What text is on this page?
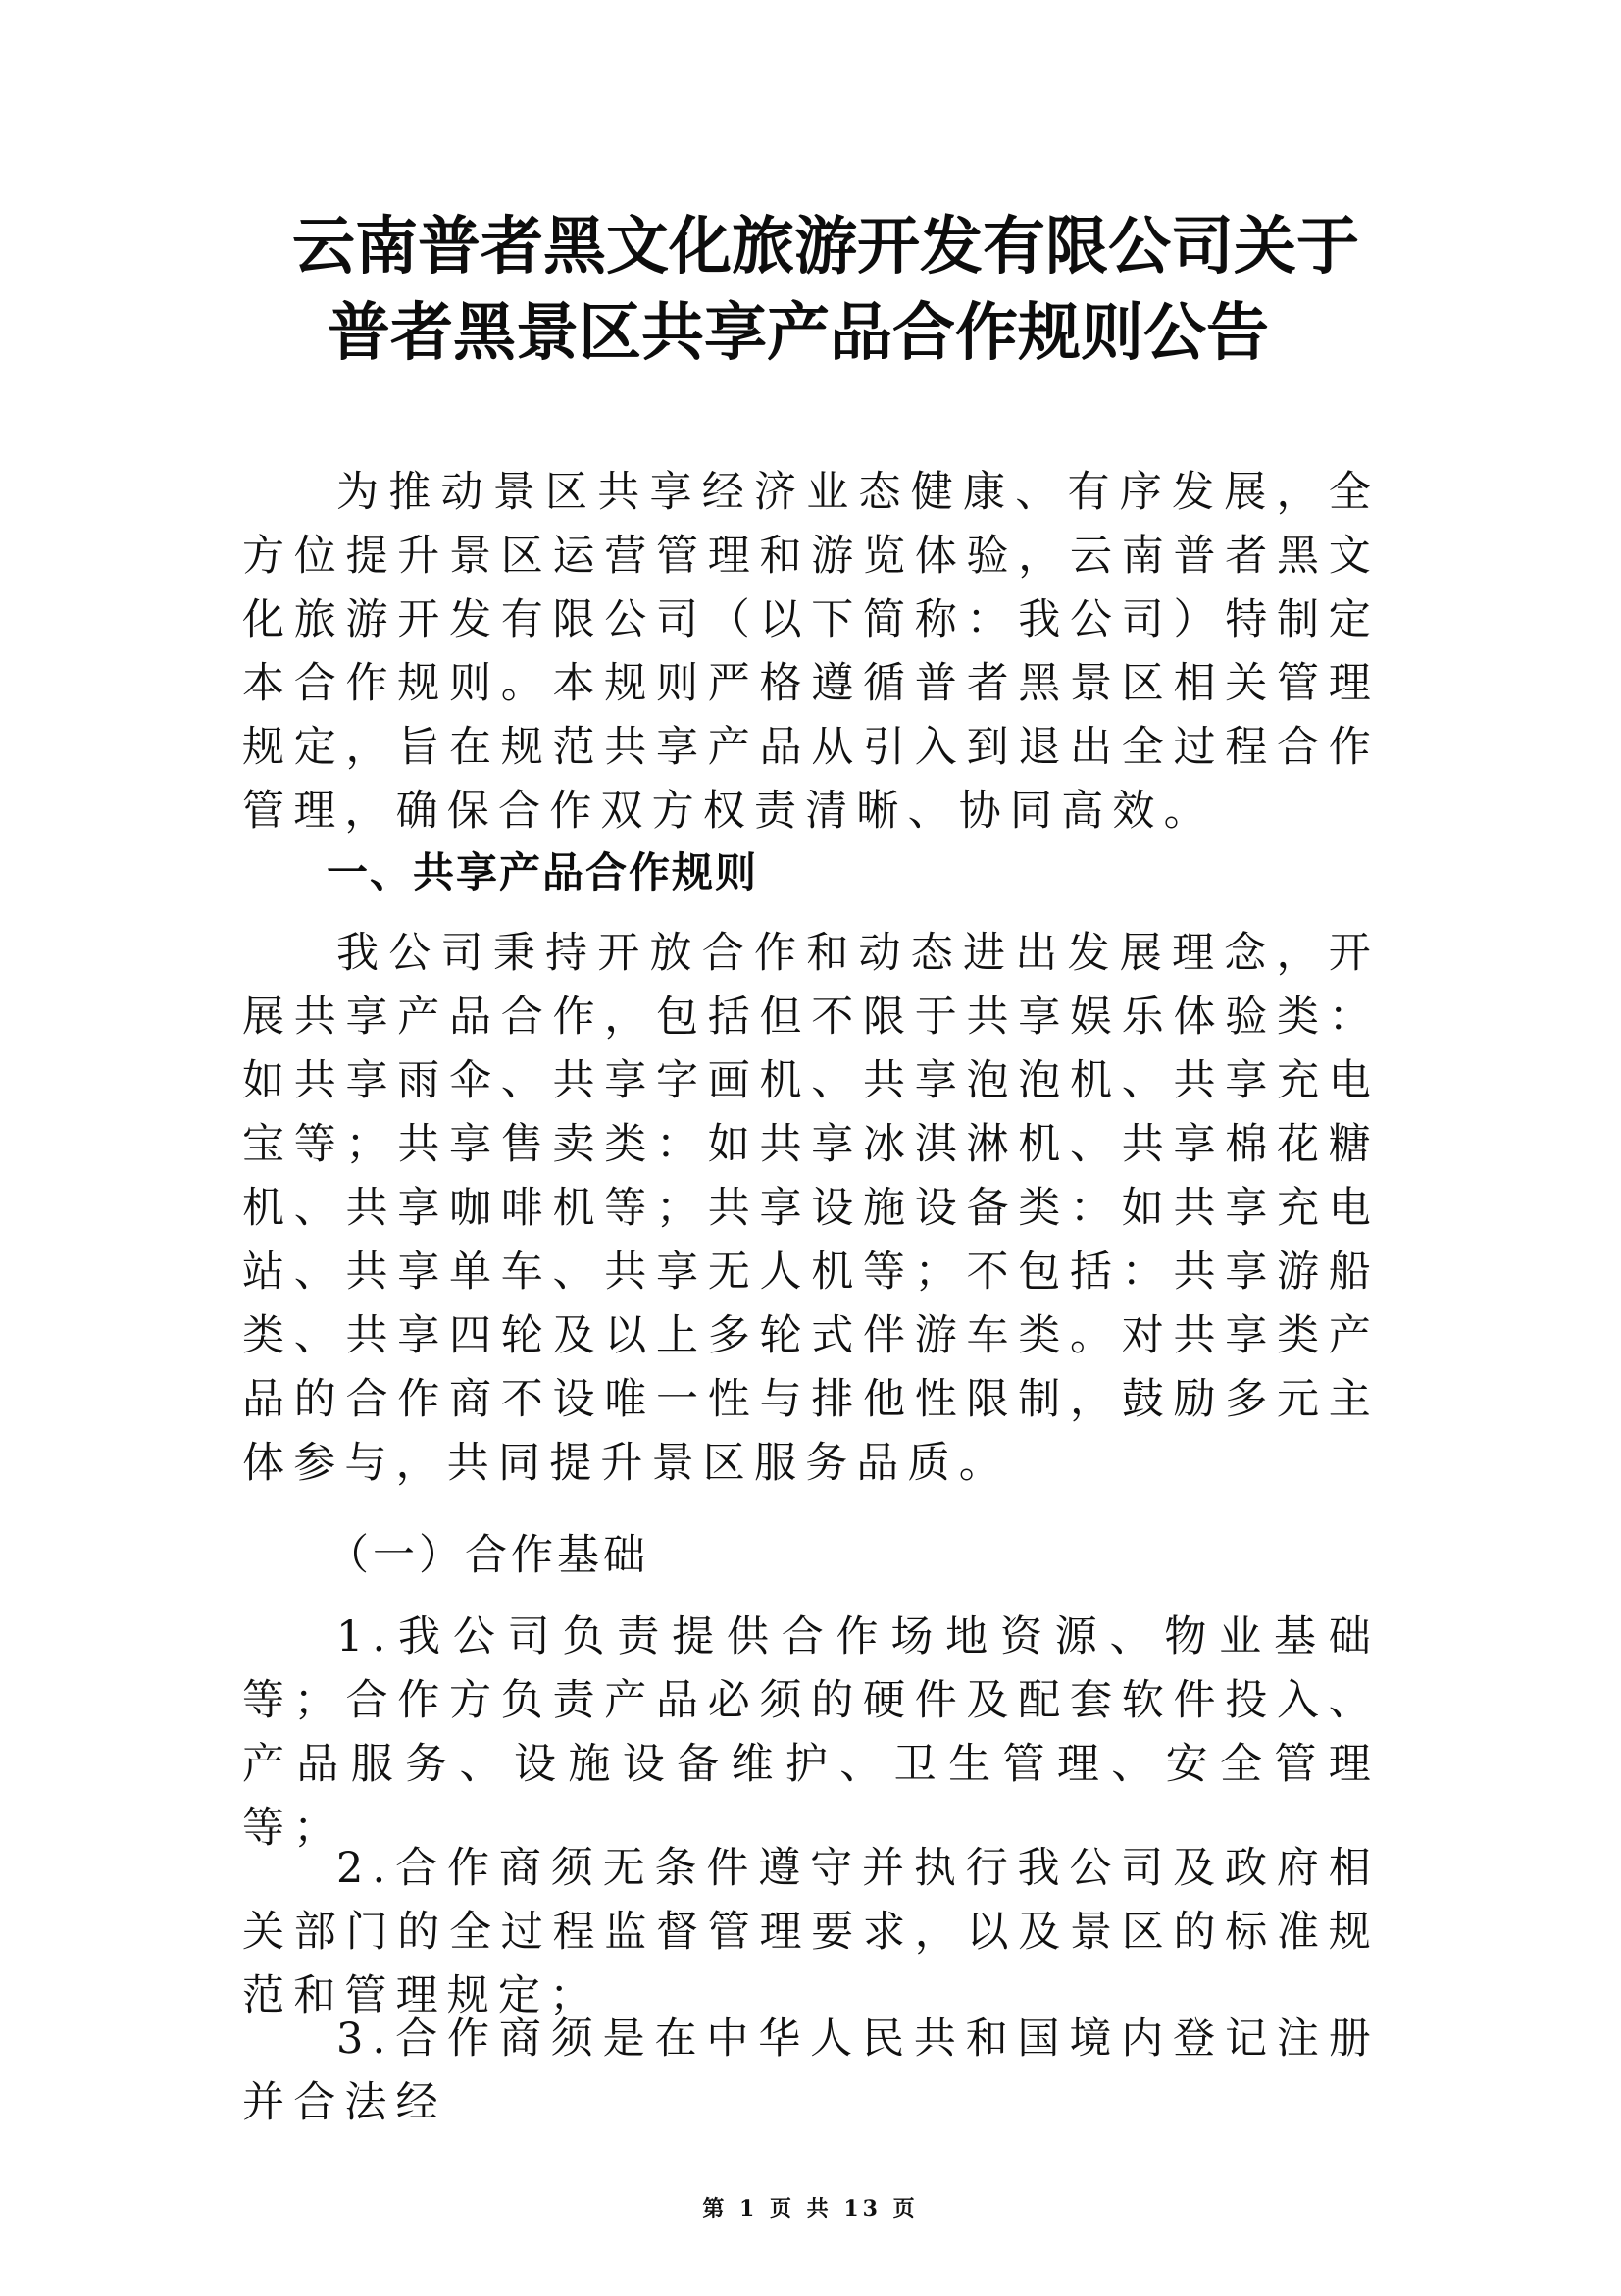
云南普者黑文化旅游开发有限公司关于
普者黑景区共享产品合作规则公告
为推动景区共享经济业态健康、有序发展，全方位提升景区运营管理和游览体验，云南普者黑文化旅游开发有限公司（以下简称：我公司）特制定本合作规则。本规则严格遵循普者黑景区相关管理规定，旨在规范共享产品从引入到退出全过程合作管理，确保合作双方权责清晰、协同高效。
一、共享产品合作规则
我公司秉持开放合作和动态进出发展理念，开展共享产品合作，包括但不限于共享娱乐体验类：如共享雨伞、共享字画机、共享泡泡机、共享充电宝等；共享售卖类：如共享冰淇淋机、共享棉花糖机、共享咖啡机等；共享设施设备类：如共享充电站、共享单车、共享无人机等；不包括：共享游船类、共享四轮及以上多轮式伴游车类。对共享类产品的合作商不设唯一性与排他性限制，鼓励多元主体参与，共同提升景区服务品质。
（一）合作基础
1.我公司负责提供合作场地资源、物业基础等；合作方负责产品必须的硬件及配套软件投入、产品服务、设施设备维护、卫生管理、安全管理等；
2.合作商须无条件遵守并执行我公司及政府相关部门的全过程监督管理要求，以及景区的标准规范和管理规定；
3.合作商须是在中华人民共和国境内登记注册并合法经
第 1 页 共 13 页
